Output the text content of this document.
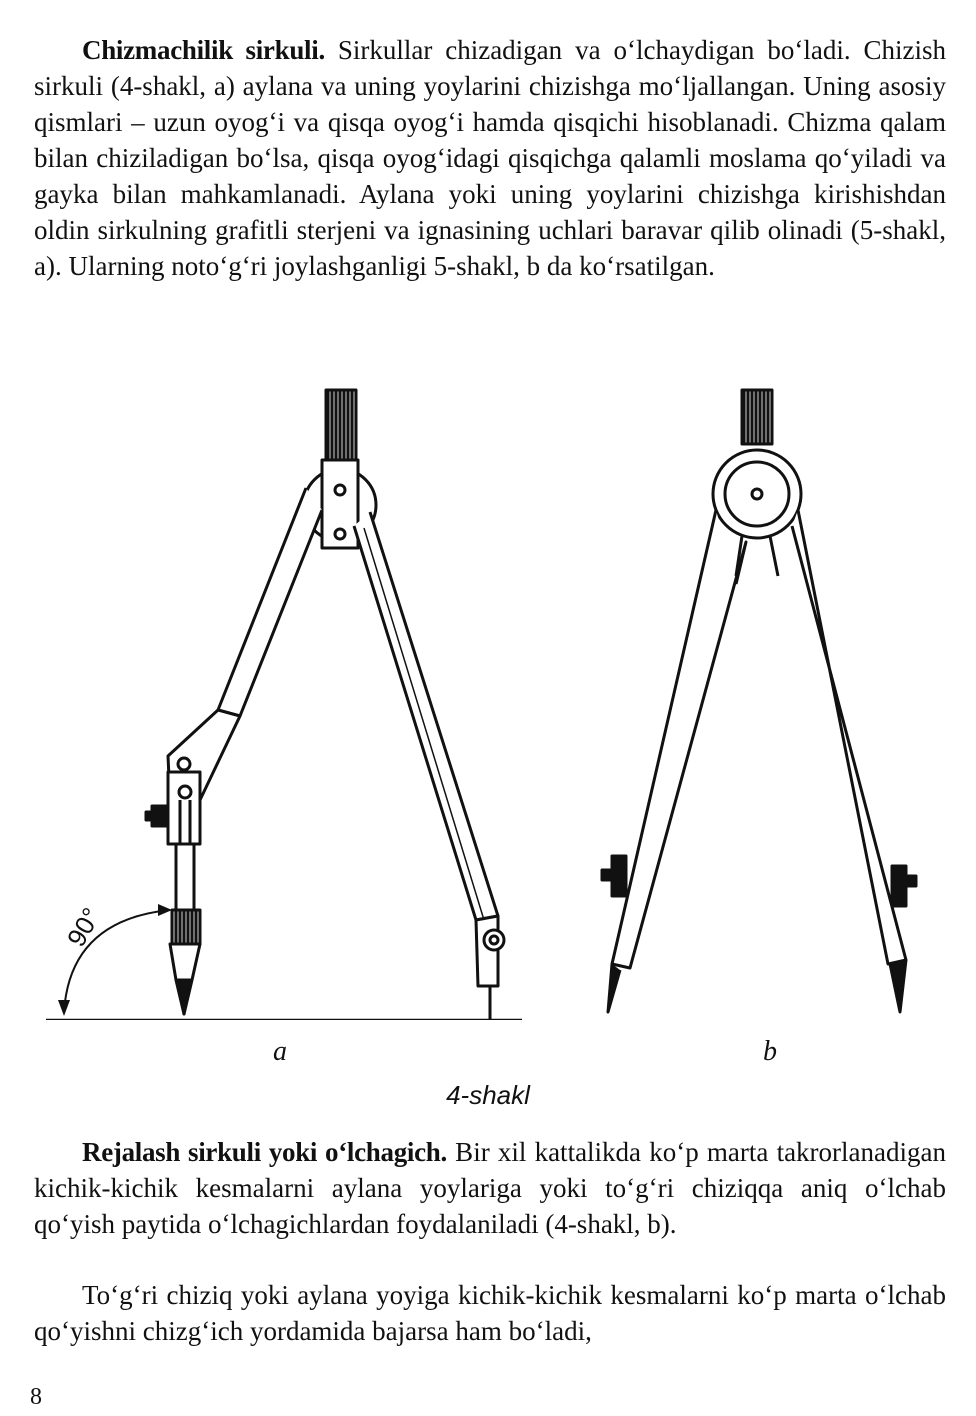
Chizmachilik sirkuli. Sirkullar chizadigan va o‘lchaydigan bo‘ladi. Chizish sirkuli (4-shakl, a) aylana va uning yoylarini chizishga mo‘ljallangan. Uning asosiy qismlari – uzun oyog‘i va qisqa oyog‘i hamda qisqichi hisoblanadi. Chizma qalam bilan chiziladigan bo‘lsa, qisqa oyog‘idagi qisqichga qalamli moslama qo‘yiladi va gayka bilan mahkamlanadi. Aylana yoki uning yoylarini chizishga kirishishdan oldin sirkulning grafitli sterjeni va ignasining uchlari baravar qilib olinadi (5-shakl, a). Ularning noto‘g‘ri joylashganligi 5-shakl, b da ko‘rsatilgan.

90°
a	b
4-shakl

Rejalash sirkuli yoki o‘lchagich. Bir xil kattalikda ko‘p marta takrorlanadigan kichik-kichik kesmalarni aylana yoylariga yoki to‘g‘ri chiziqqa aniq o‘lchab qo‘yish paytida o‘lchagichlardan foydalaniladi (4-shakl, b).

To‘g‘ri chiziq yoki aylana yoyiga kichik-kichik kesmalarni ko‘p marta o‘lchab qo‘yishni chizg‘ich yordamida bajarsa ham bo‘ladi,

8
